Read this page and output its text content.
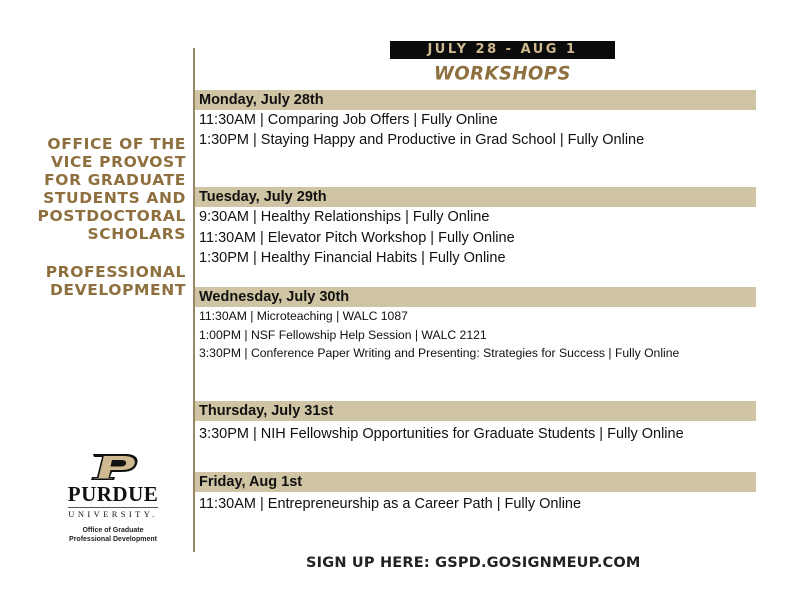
JULY 28 - AUG 1
WORKSHOPS
OFFICE OF THE
VICE PROVOST
FOR GRADUATE
STUDENTS AND
POSTDOCTORAL
SCHOLARS
PROFESSIONAL
DEVELOPMENT
PURDUE
UNIVERSITY.
Office of Graduate
Professional Development
Monday, July 28th
11:30AM | Comparing Job Offers | Fully Online
1:30PM | Staying Happy and Productive in Grad School | Fully Online
Tuesday, July 29th
9:30AM | Healthy Relationships | Fully Online
11:30AM | Elevator Pitch Workshop | Fully Online
1:30PM | Healthy Financial Habits | Fully Online
Wednesday, July 30th
11:30AM | Microteaching | WALC 1087
1:00PM | NSF Fellowship Help Session | WALC 2121
3:30PM | Conference Paper Writing and Presenting: Strategies for Success | Fully Online
Thursday, July 31st
3:30PM | NIH Fellowship Opportunities for Graduate Students | Fully Online
Friday, Aug 1st
11:30AM | Entrepreneurship as a Career Path | Fully Online
SIGN UP HERE: GSPD.GOSIGNMEUP.COM
